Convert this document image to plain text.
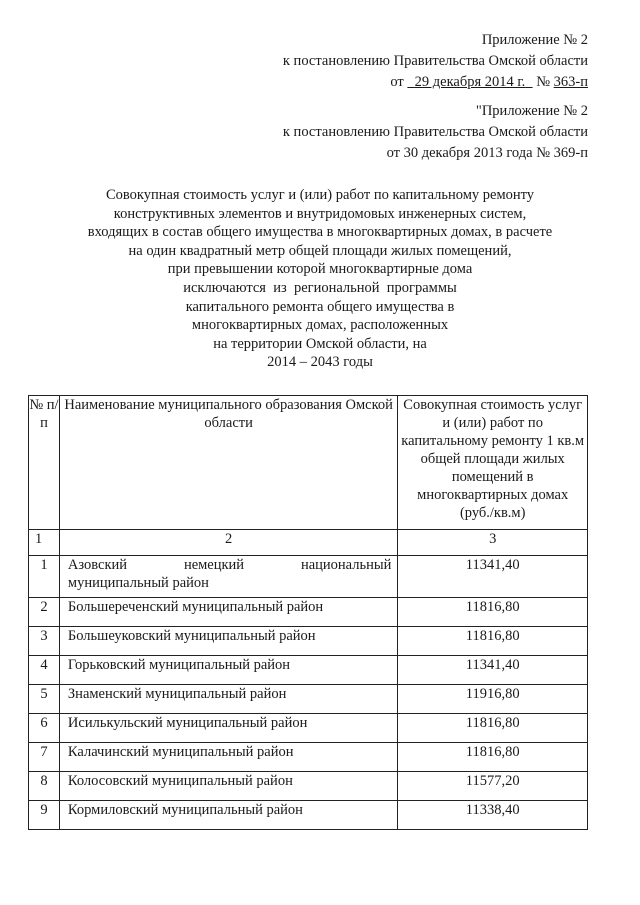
Приложение № 2
к постановлению Правительства Омской области
от 29 декабря 2014 г. № 363-п
"Приложение № 2
к постановлению Правительства Омской области
от 30 декабря 2013 года № 369-п
Совокупная стоимость услуг и (или) работ по капитальному ремонту
конструктивных элементов и внутридомовых инженерных систем,
входящих в состав общего имущества в многоквартирных домах, в расчете
на один квадратный метр общей площади жилых помещений,
при превышении которой многоквартирные дома
исключаются  из  региональной  программы
капитального ремонта общего имущества в
многоквартирных домах, расположенных
на территории Омской области, на
2014 – 2043 годы
№ п/п	Наименование муниципального образования Омской области	Совокупная стоимость услуг и (или) работ по капитальному ремонту 1 кв.м общей площади жилых помещений в многоквартирных домах (руб./кв.м)
1	2	3
1	Азовский немецкий национальный
муниципальный район	11341,40
2	Большереченский муниципальный район	11816,80
3	Большеуковский муниципальный район	11816,80
4	Горьковский муниципальный район	11341,40
5	Знаменский муниципальный район	11916,80
6	Исилькульский муниципальный район	11816,80
7	Калачинский муниципальный район	11816,80
8	Колосовский муниципальный район	11577,20
9	Кормиловский муниципальный район	11338,40
